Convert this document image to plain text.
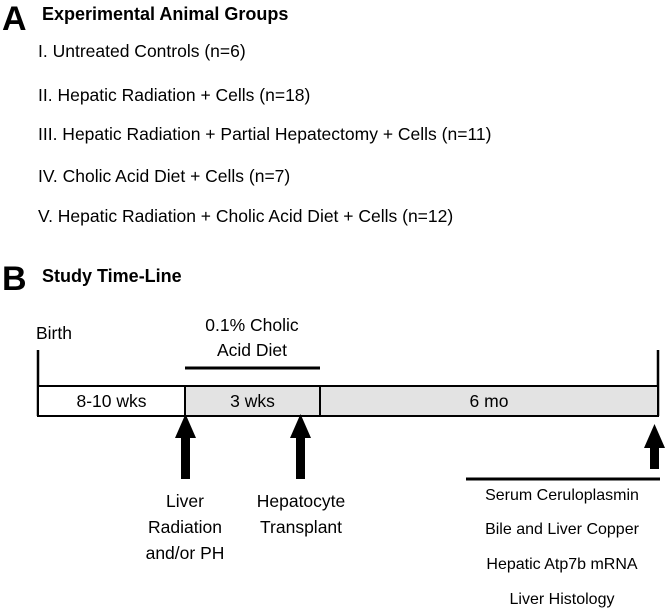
A Experimental Animal Groups
I. Untreated Controls (n=6)
II. Hepatic Radiation + Cells (n=18)
III. Hepatic Radiation + Partial Hepatectomy + Cells (n=11)
IV. Cholic Acid Diet + Cells (n=7)
V. Hepatic Radiation + Cholic Acid Diet + Cells (n=12)
B Study Time-Line
Birth	0.1% Cholic
Acid Diet
8-10 wks	3 wks	6 mo
Liver
Radiation
and/or PH
Hepatocyte
Transplant
Serum Ceruloplasmin
Bile and Liver Copper
Hepatic Atp7b mRNA
Liver Histology
